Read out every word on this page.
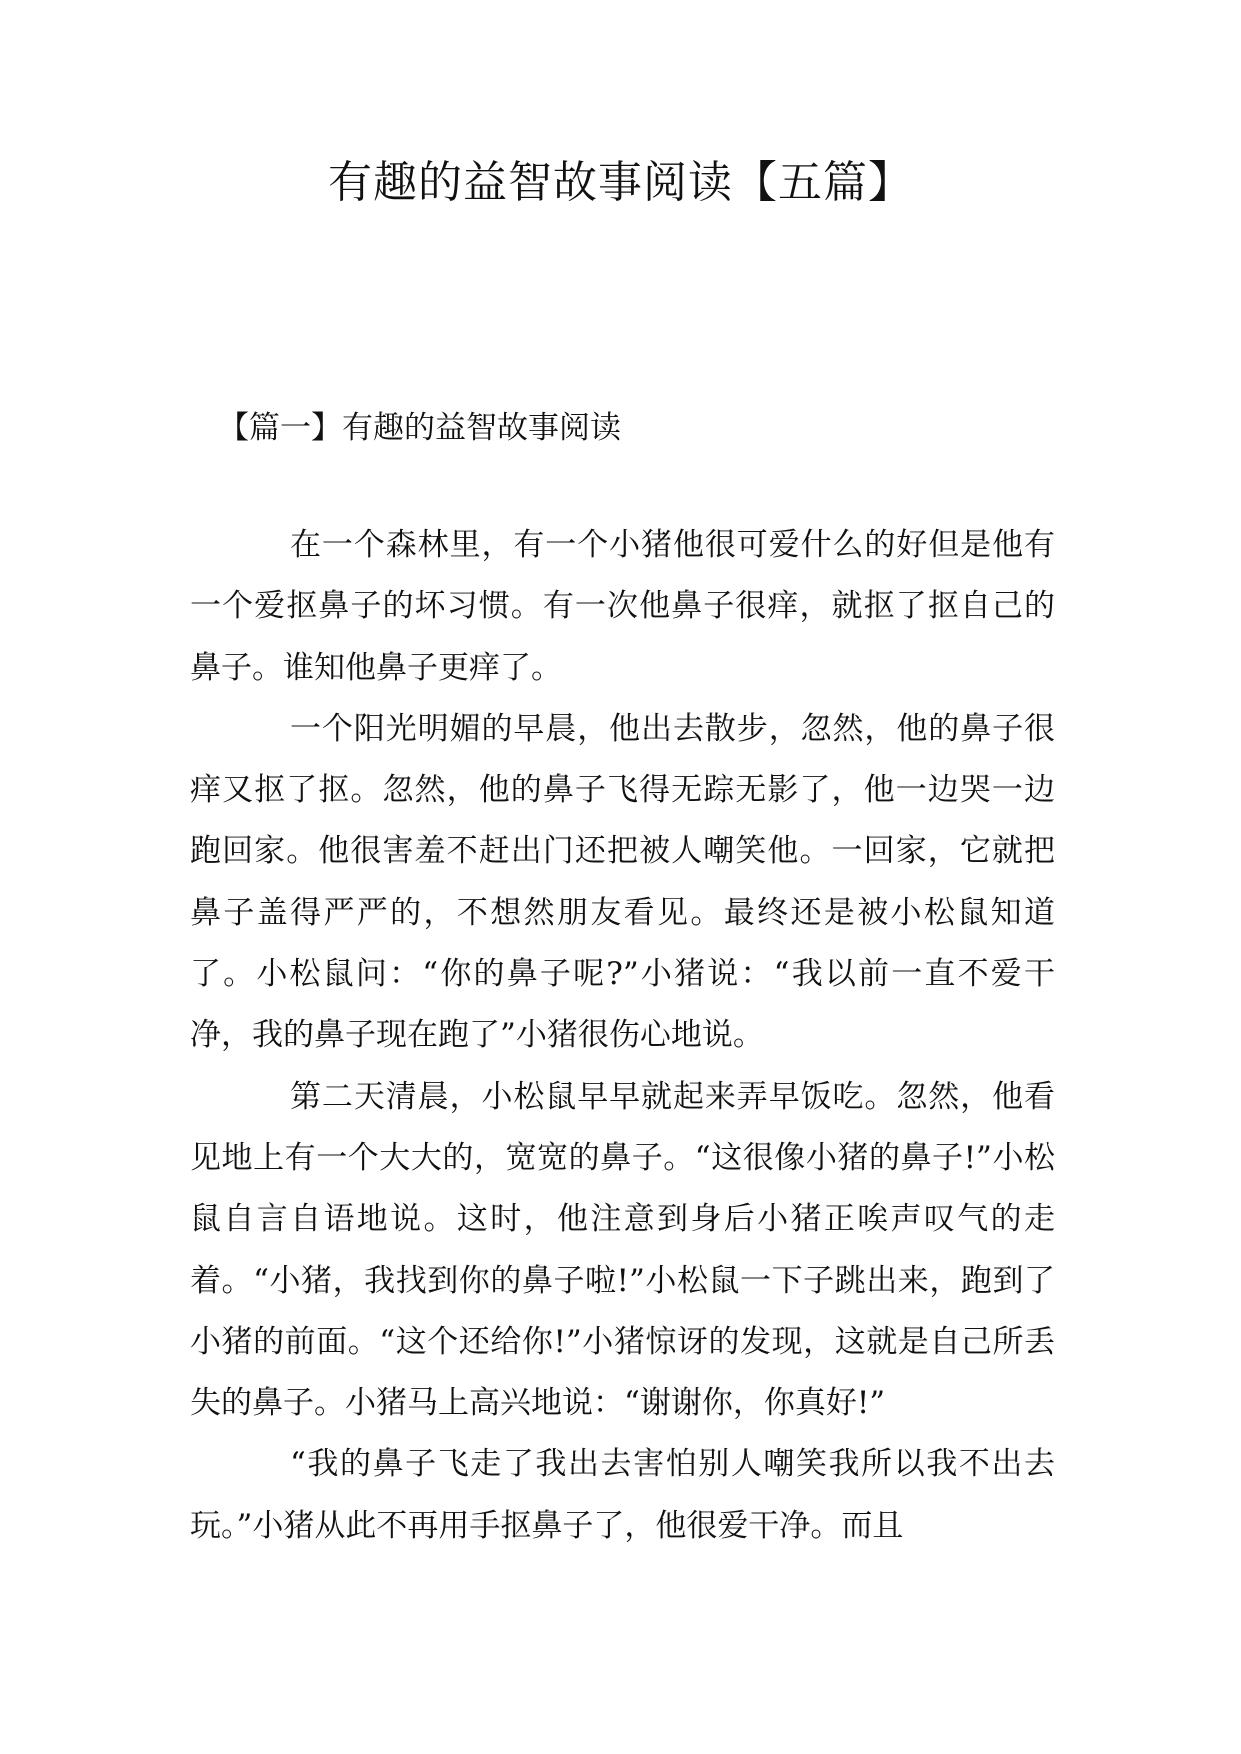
有趣的益智故事阅读【五篇】
【篇一】有趣的益智故事阅读

在一个森林里，有一个小猪他很可爱什么的好但是他有一个爱抠鼻子的坏习惯。有一次他鼻子很痒，就抠了抠自己的鼻子。谁知他鼻子更痒了。

一个阳光明媚的早晨，他出去散步，忽然，他的鼻子很痒又抠了抠。忽然，他的鼻子飞得无踪无影了，他一边哭一边跑回家。他很害羞不赶出门还把被人嘲笑他。一回家，它就把鼻子盖得严严的，不想然朋友看见。最终还是被小松鼠知道了。小松鼠问：“你的鼻子呢?”小猪说：“我以前一直不爱干净，我的鼻子现在跑了”小猪很伤心地说。

第二天清晨，小松鼠早早就起来弄早饭吃。忽然，他看见地上有一个大大的，宽宽的鼻子。“这很像小猪的鼻子!”小松鼠自言自语地说。这时，他注意到身后小猪正唉声叹气的走着。“小猪，我找到你的鼻子啦!”小松鼠一下子跳出来，跑到了小猪的前面。“这个还给你!”小猪惊讶的发现，这就是自己所丢失的鼻子。小猪马上高兴地说：“谢谢你，你真好!”

“我的鼻子飞走了我出去害怕别人嘲笑我所以我不出去玩。”小猪从此不再用手抠鼻子了，他很爱干净。而且
